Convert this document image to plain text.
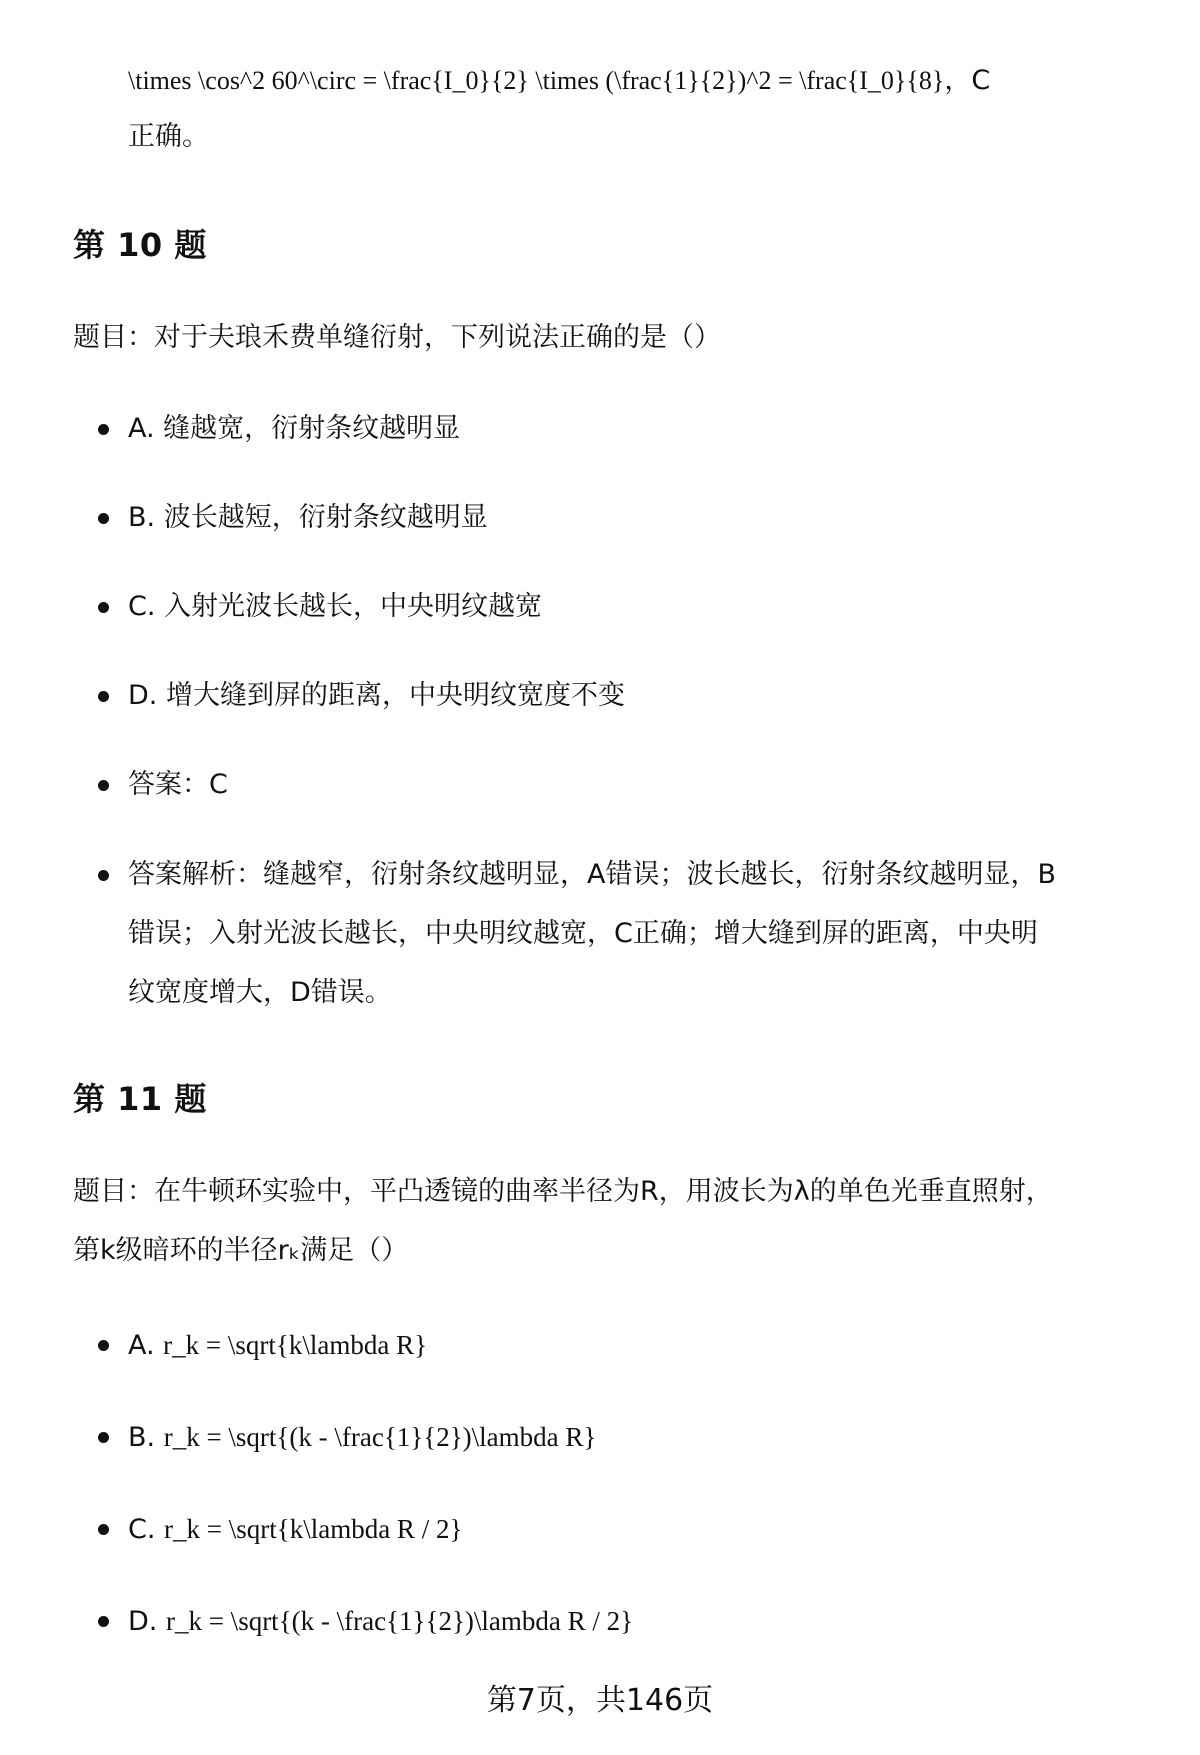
\times \cos^2 60^\circ = \frac{I_0}{2} \times (\frac{1}{2})^2 = \frac{I_0}{8}，C
正确。
第 10 题
题目：对于夫琅禾费单缝衍射，下列说法正确的是（）
A. 缝越宽，衍射条纹越明显
B. 波长越短，衍射条纹越明显
C. 入射光波长越长，中央明纹越宽
D. 增大缝到屏的距离，中央明纹宽度不变
答案：C
答案解析：缝越窄，衍射条纹越明显，A错误；波长越长，衍射条纹越明显，B
错误；入射光波长越长，中央明纹越宽，C正确；增大缝到屏的距离，中央明
纹宽度增大，D错误。
第 11 题
题目：在牛顿环实验中，平凸透镜的曲率半径为R，用波长为λ的单色光垂直照射，
第k级暗环的半径rₖ满足（）
A. r_k = \sqrt{k\lambda R}
B. r_k = \sqrt{(k - \frac{1}{2})\lambda R}
C. r_k = \sqrt{k\lambda R / 2}
D. r_k = \sqrt{(k - \frac{1}{2})\lambda R / 2}
第7页，共146页
